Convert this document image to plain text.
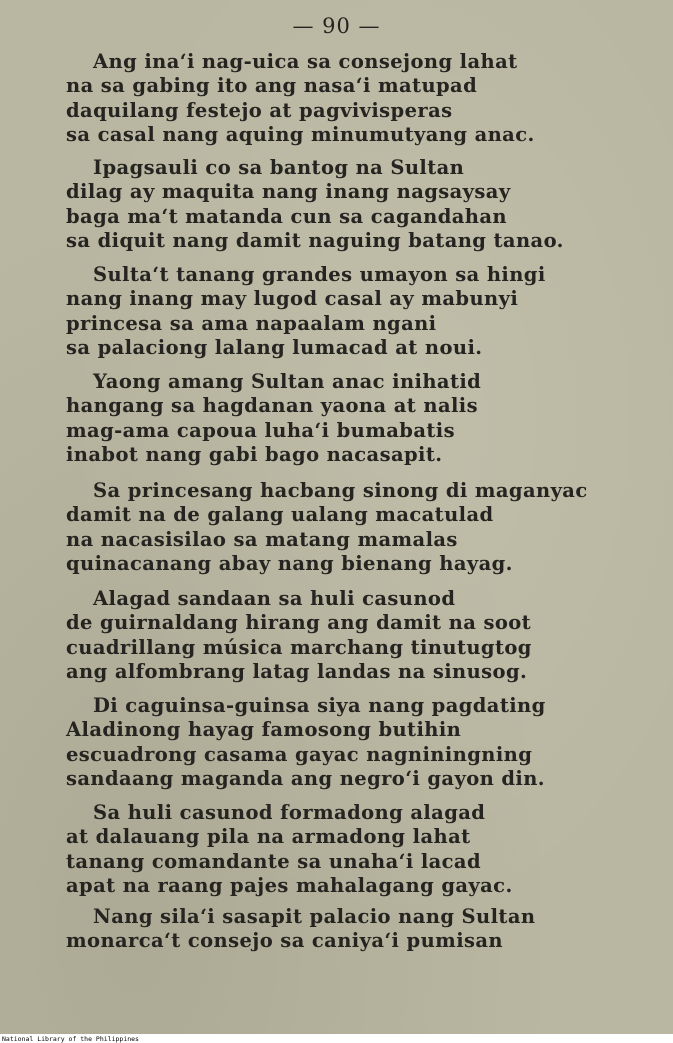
— 90 —
Ang ina‘i nag-uica sa consejong lahat
na sa gabing ito ang nasa‘i matupad
daquilang festejo at pagvivisperas
sa casal nang aquing minumutyang anac.
Ipagsauli co sa bantog na Sultan
dilag ay maquita nang inang nagsaysay
baga ma‘t matanda cun sa cagandahan
sa diquit nang damit naguing batang tanao.
Sulta‘t tanang grandes umayon sa hingi
nang inang may lugod casal ay mabunyi
princesa sa ama napaalam ngani
sa palaciong lalang lumacad at noui.
Yaong amang Sultan anac inihatid
hangang sa hagdanan yaona at nalis
mag-ama capoua luha‘i bumabatis
inabot nang gabi bago nacasapit.
Sa princesang hacbang sinong di maganyac
damit na de galang ualang macatulad
na nacasisilao sa matang mamalas
quinacanang abay nang bienang hayag.
Alagad sandaan sa huli casunod
de guirnaldang hirang ang damit na soot
cuadrillang música marchang tinutugtog
ang alfombrang latag landas na sinusog.
Di caguinsa-guinsa siya nang pagdating
Aladinong hayag famosong butihin
escuadrong casama gayac nagniningning
sandaang maganda ang negro‘i gayon din.
Sa huli casunod formadong alagad
at dalauang pila na armadong lahat
tanang comandante sa unaha‘i lacad
apat na raang pajes mahalagang gayac.
Nang sila‘i sasapit palacio nang Sultan
monarca‘t consejo sa caniya‘i pumisan
National Library of the Philippines
